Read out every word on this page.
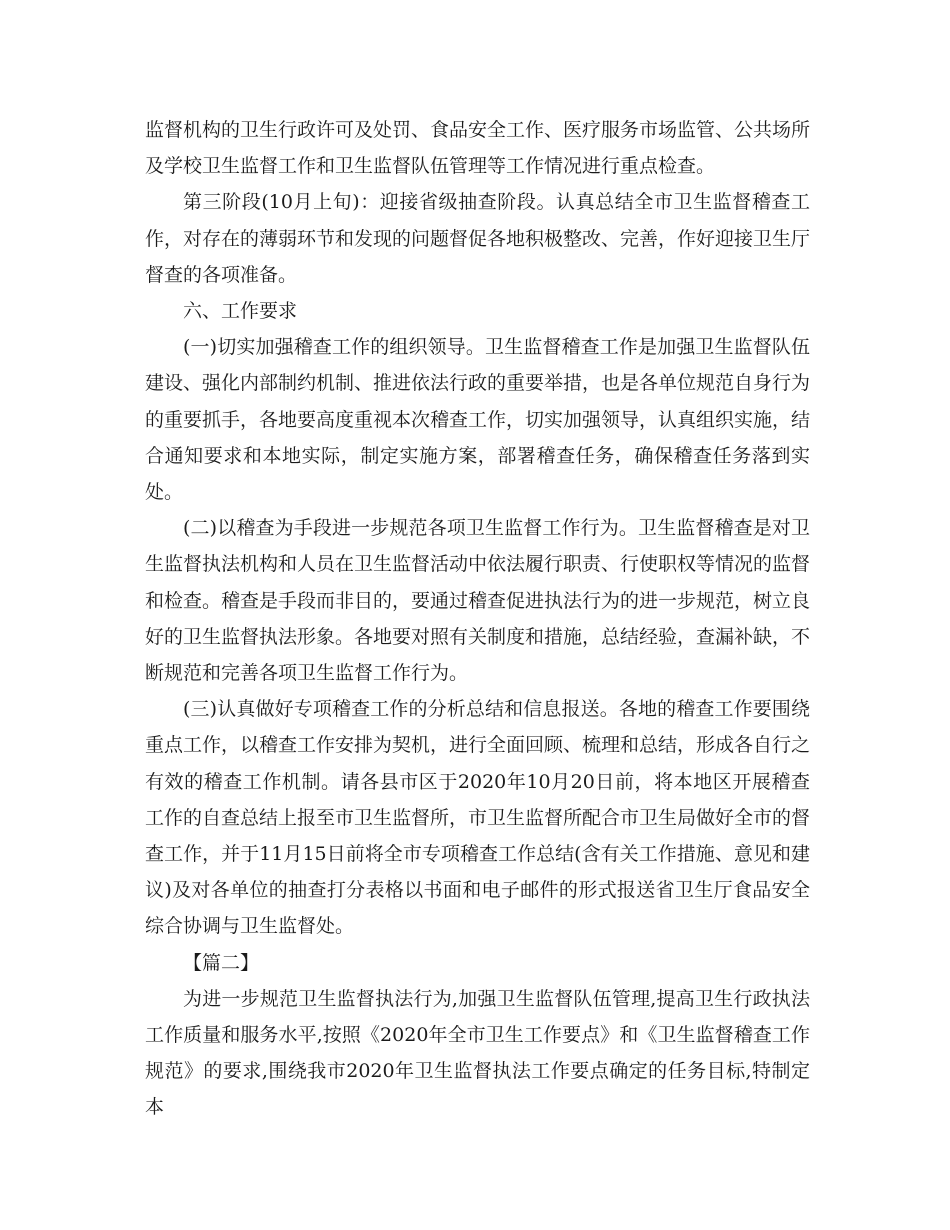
监督机构的卫生行政许可及处罚、食品安全工作、医疗服务市场监管、公共场所及学校卫生监督工作和卫生监督队伍管理等工作情况进行重点检查。

第三阶段(10月上旬)：迎接省级抽查阶段。认真总结全市卫生监督稽查工作，对存在的薄弱环节和发现的问题督促各地积极整改、完善，作好迎接卫生厅督查的各项准备。

六、工作要求

(一)切实加强稽查工作的组织领导。卫生监督稽查工作是加强卫生监督队伍建设、强化内部制约机制、推进依法行政的重要举措，也是各单位规范自身行为的重要抓手，各地要高度重视本次稽查工作，切实加强领导，认真组织实施，结合通知要求和本地实际，制定实施方案，部署稽查任务，确保稽查任务落到实处。

(二)以稽查为手段进一步规范各项卫生监督工作行为。卫生监督稽查是对卫生监督执法机构和人员在卫生监督活动中依法履行职责、行使职权等情况的监督和检查。稽查是手段而非目的，要通过稽查促进执法行为的进一步规范，树立良好的卫生监督执法形象。各地要对照有关制度和措施，总结经验，查漏补缺，不断规范和完善各项卫生监督工作行为。

(三)认真做好专项稽查工作的分析总结和信息报送。各地的稽查工作要围绕重点工作，以稽查工作安排为契机，进行全面回顾、梳理和总结，形成各自行之有效的稽查工作机制。请各县市区于2020年10月20日前，将本地区开展稽查工作的自查总结上报至市卫生监督所，市卫生监督所配合市卫生局做好全市的督查工作，并于11月15日前将全市专项稽查工作总结(含有关工作措施、意见和建议)及对各单位的抽查打分表格以书面和电子邮件的形式报送省卫生厅食品安全综合协调与卫生监督处。

【篇二】

为进一步规范卫生监督执法行为,加强卫生监督队伍管理,提高卫生行政执法工作质量和服务水平,按照《2020年全市卫生工作要点》和《卫生监督稽查工作规范》的要求,围绕我市2020年卫生监督执法工作要点确定的任务目标,特制定本
